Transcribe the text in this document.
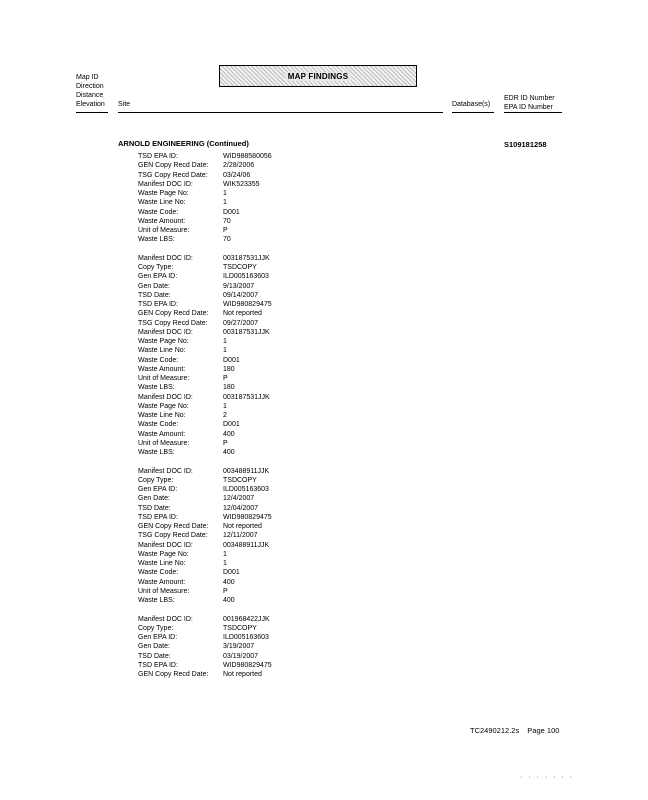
Map ID
Direction
Distance
Elevation Site
MAP FINDINGS
Database(s)
EDR ID Number
EPA ID Number
ARNOLD ENGINEERING (Continued)	S109181258
TSD EPA ID:	WID988580056
GEN Copy Recd Date:	2/28/2006
TSG Copy Recd Date:	03/24/06
Manifest DOC ID:	WIK523355
Waste Page No:	1
Waste Line No:	1
Waste Code:	D001
Waste Amount:	70
Unit of Measure:	P
Waste LBS:	70
Manifest DOC ID:	003187531JJK
Copy Type:	TSDCOPY
Gen EPA ID:	ILD005163603
Gen Date:	9/13/2007
TSD Date:	09/14/2007
TSD EPA ID:	WID980829475
GEN Copy Recd Date:	Not reported
TSG Copy Recd Date:	09/27/2007
Manifest DOC ID:	003187531JJK
Waste Page No:	1
Waste Line No:	1
Waste Code:	D001
Waste Amount:	180
Unit of Measure:	P
Waste LBS:	180
Manifest DOC ID:	003187531JJK
Waste Page No:	1
Waste Line No:	2
Waste Code:	D001
Waste Amount:	400
Unit of Measure:	P
Waste LBS:	400
Manifest DOC ID:	003488911JJK
Copy Type:	TSDCOPY
Gen EPA ID:	ILD005163603
Gen Date:	12/4/2007
TSD Date:	12/04/2007
TSD EPA ID:	WID980829475
GEN Copy Recd Date:	Not reported
TSG Copy Recd Date:	12/11/2007
Manifest DOC ID:	003488911JJK
Waste Page No:	1
Waste Line No:	1
Waste Code:	D001
Waste Amount:	400
Unit of Measure:	P
Waste LBS:	400
Manifest DOC ID:	001968422JJK
Copy Type:	TSDCOPY
Gen EPA ID:	ILD005163603
Gen Date:	3/19/2007
TSD Date:	03/19/2007
TSD EPA ID:	WID980829475
GEN Copy Recd Date:	Not reported
TC2490212.2s Page 100
· · · · · · ·
